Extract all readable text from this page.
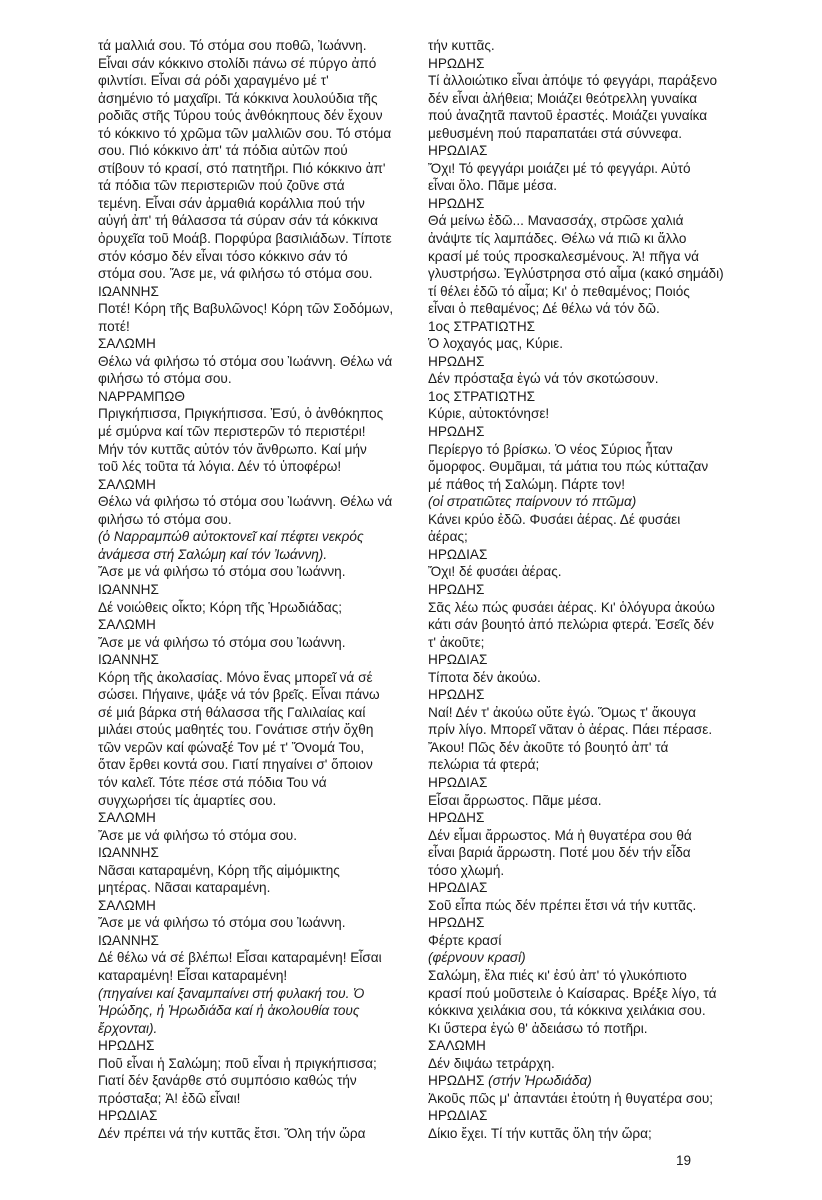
τά μαλλιά σου. Τό στόμα σου ποθῶ, Ἰωάννη.
Εἶναι σάν κόκκινο στολίδι πάνω σέ πύργο ἀπό
φιλντίσι. Εἶναι σά ρόδι χαραγμένο μέ τ'
ἀσημένιο τό μαχαῖρι. Τά κόκκινα λουλούδια τῆς
ροδιᾶς στῆς Τύρου τούς ἀνθόκηπους δέν ἔχουν
τό κόκκινο τό χρῶμα τῶν μαλλιῶν σου. Τό στόμα
σου. Πιό κόκκινο ἀπ' τά πόδια αὐτῶν πού
στίβουν τό κρασί, στό πατητῆρι. Πιό κόκκινο ἀπ'
τά πόδια τῶν περιστεριῶν πού ζοῦνε στά
τεμένη. Εἶναι σάν ἀρμαθιά κοράλλια πού τήν
αὐγή ἀπ' τή θάλασσα τά σύραν σάν τά κόκκινα
ὀρυχεῖα τοῦ Μοάβ. Πορφύρα βασιλιάδων. Τίποτε
στόν κόσμο δέν εἶναι τόσο κόκκινο σάν τό
στόμα σου. Ἄσε με, νά φιλήσω τό στόμα σου.
ΙΩΑΝΝΗΣ
Ποτέ! Κόρη τῆς Βαβυλῶνος! Κόρη τῶν Σοδόμων,
ποτέ!
ΣΑΛΩΜΗ
Θέλω νά φιλήσω τό στόμα σου Ἰωάννη. Θέλω νά
φιλήσω τό στόμα σου.
ΝΑΡΡΑΜΠΩΘ
Πριγκήπισσα, Πριγκήπισσα. Ἐσύ, ὁ ἀνθόκηπος
μέ σμύρνα καί τῶν περιστερῶν τό περιστέρι!
Μήν τόν κυττᾶς αὐτόν τόν ἄνθρωπο. Καί μήν
τοῦ λές τοῦτα τά λόγια. Δέν τό ὑποφέρω!
ΣΑΛΩΜΗ
Θέλω νά φιλήσω τό στόμα σου Ἰωάννη. Θέλω νά
φιλήσω τό στόμα σου.
(ὁ Ναρραμπώθ αὐτοκτονεῖ καί πέφτει νεκρός
ἀνάμεσα στή Σαλώμη καί τόν Ἰωάννη).
Ἄσε με νά φιλήσω τό στόμα σου Ἰωάννη.
ΙΩΑΝΝΗΣ
Δέ νοιώθεις οἶκτο; Κόρη τῆς Ἡρωδιάδας;
ΣΑΛΩΜΗ
Ἄσε με νά φιλήσω τό στόμα σου Ἰωάννη.
ΙΩΑΝΝΗΣ
Κόρη τῆς ἀκολασίας. Μόνο ἕνας μπορεῖ νά σέ
σώσει. Πήγαινε, ψάξε νά τόν βρεῖς. Εἶναι πάνω
σέ μιά βάρκα στή θάλασσα τῆς Γαλιλαίας καί
μιλάει στούς μαθητές του. Γονάτισε στήν ὄχθη
τῶν νερῶν καί φώναξέ Τον μέ τ' Ὄνομά Του,
ὅταν ἔρθει κοντά σου. Γιατί πηγαίνει σ' ὅποιον
τόν καλεῖ. Τότε πέσε στά πόδια Του νά
συγχωρήσει τίς ἁμαρτίες σου.
ΣΑΛΩΜΗ
Ἄσε με νά φιλήσω τό στόμα σου.
ΙΩΑΝΝΗΣ
Νᾶσαι καταραμένη, Κόρη τῆς αἱμόμικτης
μητέρας. Νᾶσαι καταραμένη.
ΣΑΛΩΜΗ
Ἄσε με νά φιλήσω τό στόμα σου Ἰωάννη.
ΙΩΑΝΝΗΣ
Δέ θέλω νά σέ βλέπω! Εἶσαι καταραμένη! Εἶσαι
καταραμένη! Εἶσαι καταραμένη!
(πηγαίνει καί ξαναμπαίνει στή φυλακή του. Ὁ
Ἡρώδης, ἡ Ἡρωδιάδα καί ἡ ἀκολουθία τους
ἔρχονται).
ΗΡΩΔΗΣ
Ποῦ εἶναι ἡ Σαλώμη; ποῦ εἶναι ἡ πριγκήπισσα;
Γιατί δέν ξανάρθε στό συμπόσιο καθώς τήν
πρόσταξα; Ἀ! ἐδῶ εἶναι!
ΗΡΩΔΙΑΣ
Δέν πρέπει νά τήν κυττᾶς ἔτσι. Ὅλη τήν ὥρα
τήν κυττᾶς.
ΗΡΩΔΗΣ
Τί ἀλλοιώτικο εἶναι ἀπόψε τό φεγγάρι, παράξενο
δέν εἶναι ἀλήθεια; Μοιάζει θεότρελλη γυναίκα
πού ἀναζητᾶ παντοῦ ἐραστές. Μοιάζει γυναίκα
μεθυσμένη πού παραπατάει στά σύννεφα.
ΗΡΩΔΙΑΣ
Ὄχι! Τό φεγγάρι μοιάζει μέ τό φεγγάρι. Αὐτό
εἶναι ὅλο. Πᾶμε μέσα.
ΗΡΩΔΗΣ
Θά μείνω ἐδῶ... Μανασσάχ, στρῶσε χαλιά
ἀνάψτε τίς λαμπάδες. Θέλω νά πιῶ κι ἄλλο
κρασί μέ τούς προσκαλεσμένους. Ἀ! πῆγα νά
γλυστρήσω. Ἐγλύστρησα στό αἷμα (κακό σημάδι)
τί θέλει ἐδῶ τό αἷμα; Κι' ὁ πεθαμένος; Ποιός
εἶναι ὁ πεθαμένος; Δέ θέλω νά τόν δῶ.
1ος ΣΤΡΑΤΙΩΤΗΣ
Ὁ λοχαγός μας, Κύριε.
ΗΡΩΔΗΣ
Δέν πρόσταξα ἐγώ νά τόν σκοτώσουν.
1ος ΣΤΡΑΤΙΩΤΗΣ
Κύριε, αὐτοκτόνησε!
ΗΡΩΔΗΣ
Περίεργο τό βρίσκω. Ὁ νέος Σύριος ἦταν
ὄμορφος. Θυμᾶμαι, τά μάτια του πώς κύτταζαν
μέ πάθος τή Σαλώμη. Πάρτε τον!
(οἱ στρατιῶτες παίρνουν τό πτῶμα)
Κάνει κρύο ἐδῶ. Φυσάει ἀέρας. Δέ φυσάει
ἀέρας;
ΗΡΩΔΙΑΣ
Ὄχι! δέ φυσάει ἀέρας.
ΗΡΩΔΗΣ
Σᾶς λέω πώς φυσάει ἀέρας. Κι' ὁλόγυρα ἀκούω
κάτι σάν βουητό ἀπό πελώρια φτερά. Ἐσεῖς δέν
τ' ἀκοῦτε;
ΗΡΩΔΙΑΣ
Τίποτα δέν ἀκούω.
ΗΡΩΔΗΣ
Ναί! Δέν τ' ἀκούω οὔτε ἐγώ. Ὅμως τ' ἄκουγα
πρίν λίγο. Μπορεῖ νᾶταν ὁ ἀέρας. Πάει πέρασε.
Ἄκου! Πῶς δέν ἀκοῦτε τό βουητό ἀπ' τά
πελώρια τά φτερά;
ΗΡΩΔΙΑΣ
Εἶσαι ἄρρωστος. Πᾶμε μέσα.
ΗΡΩΔΗΣ
Δέν εἶμαι ἄρρωστος. Μά ἡ θυγατέρα σου θά
εἶναι βαριά ἄρρωστη. Ποτέ μου δέν τήν εἶδα
τόσο χλωμή.
ΗΡΩΔΙΑΣ
Σοῦ εἶπα πώς δέν πρέπει ἔτσι νά τήν κυττᾶς.
ΗΡΩΔΗΣ
Φέρτε κρασί
(φέρνουν κρασί)
Σαλώμη, ἔλα πιές κι' ἐσύ ἀπ' τό γλυκόπιοτο
κρασί πού μοῦστειλε ὁ Καίσαρας. Βρέξε λίγο, τά
κόκκινα χειλάκια σου, τά κόκκινα χειλάκια σου.
Κι ὕστερα ἐγώ θ' ἀδειάσω τό ποτῆρι.
ΣΑΛΩΜΗ
Δέν διψάω τετράρχη.
ΗΡΩΔΗΣ (στήν Ἡρωδιάδα)
Ἀκοῦς πῶς μ' ἀπαντάει ἐτούτη ἡ θυγατέρα σου;
ΗΡΩΔΙΑΣ
Δίκιο ἔχει. Τί τήν κυττᾶς ὅλη τήν ὥρα;
19
